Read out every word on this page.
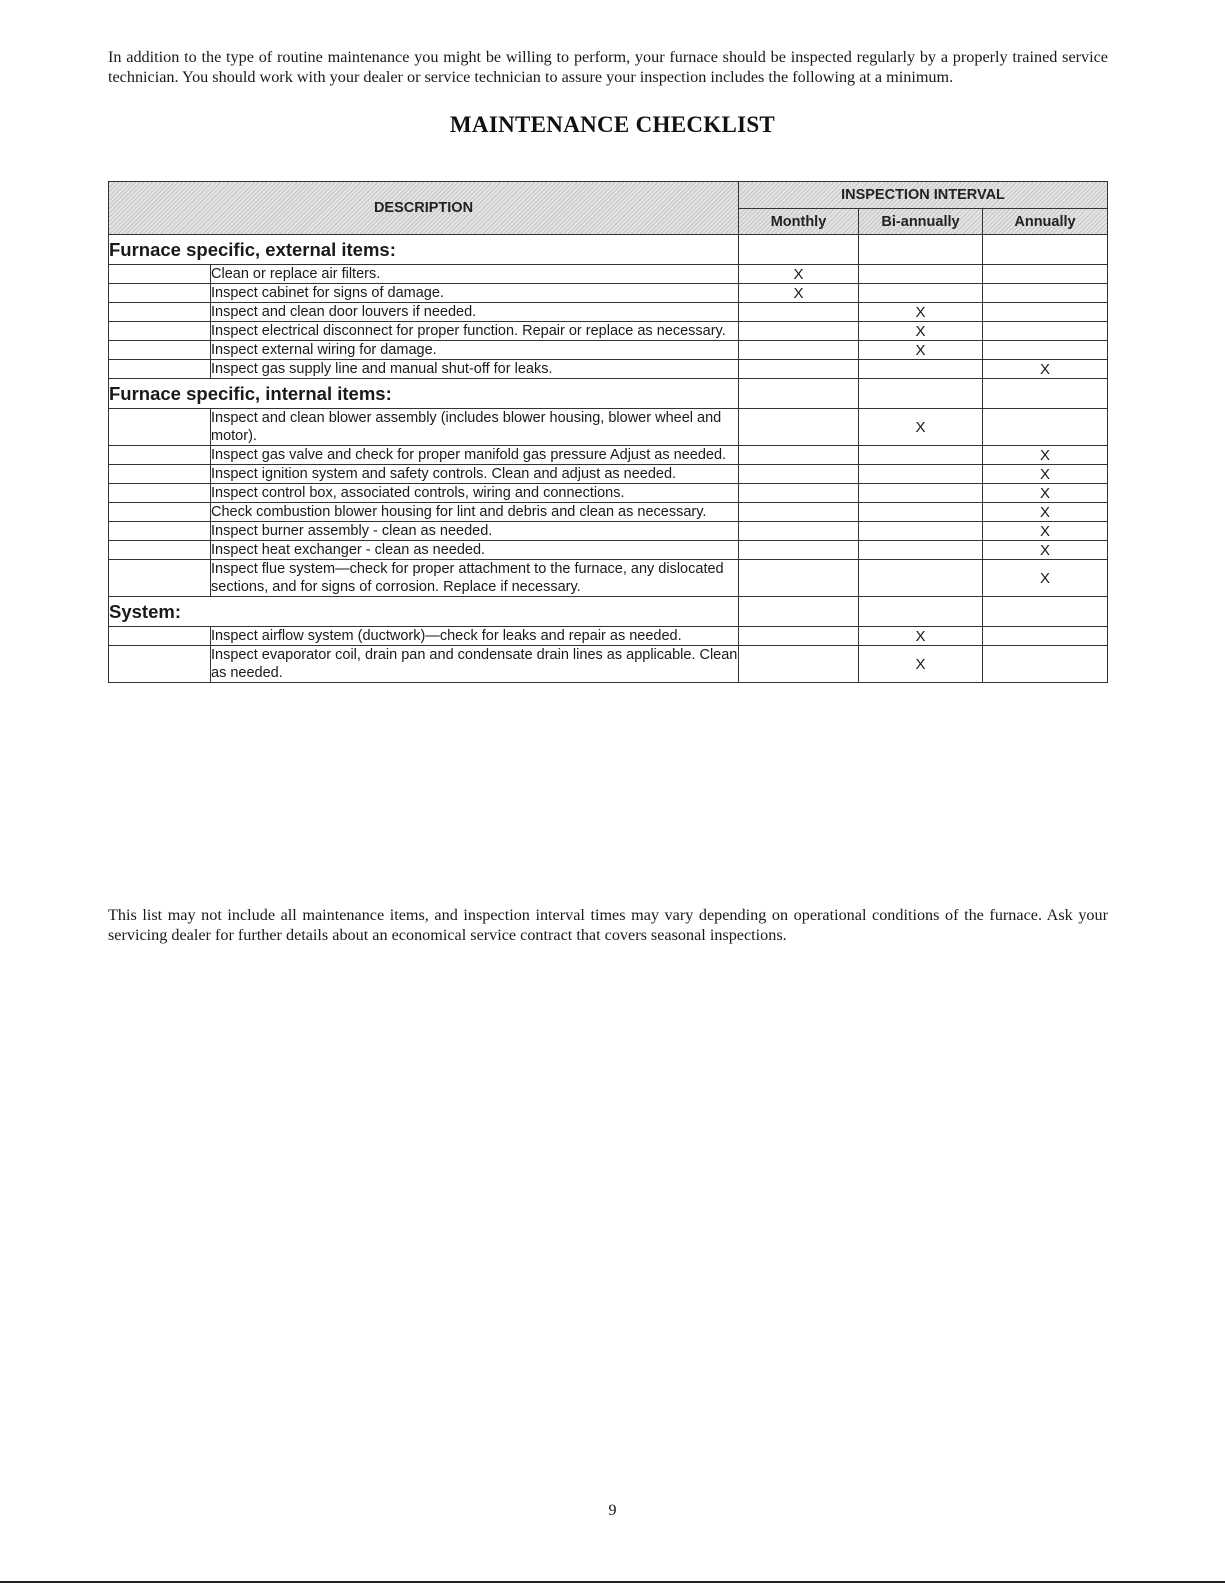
In addition to the type of routine maintenance you might be willing to perform, your furnace should be inspected regularly by a properly trained service technician. You should work with your dealer or service technician to assure your inspection includes the following at a minimum.

MAINTENANCE CHECKLIST
DESCRIPTION		INSPECTION INTERVAL		
		Monthly	Bi-annually	Annually
Furnace specific, external items:				
	Clean or replace air filters.	X		
	Inspect cabinet for signs of damage.	X		
	Inspect and clean door louvers if needed.		X	
	Inspect electrical disconnect for proper function. Repair or replace as necessary.		X	
	Inspect external wiring for damage.		X	
	Inspect gas supply line and manual shut-off for leaks.			X
Furnace specific, internal items:				
	Inspect and clean blower assembly (includes blower housing, blower wheel and motor).		X	
	Inspect gas valve and check for proper manifold gas pressure Adjust as needed.			X
	Inspect ignition system and safety controls. Clean and adjust as needed.			X
	Inspect control box, associated controls, wiring and connections.			X
	Check combustion blower housing for lint and debris and clean as necessary.			X
	Inspect burner assembly - clean as needed.			X
	Inspect heat exchanger - clean as needed.			X
	Inspect flue system—check for proper attachment to the furnace, any dislocated sections, and for signs of corrosion. Replace if necessary.			X
System:				
	Inspect airflow system (ductwork)—check for leaks and repair as needed.		X	
	Inspect evaporator coil, drain pan and condensate drain lines as applicable. Clean as needed.		X	

This list may not include all maintenance items, and inspection interval times may vary depending on operational conditions of the furnace. Ask your servicing dealer for further details about an economical service contract that covers seasonal inspections.

9
